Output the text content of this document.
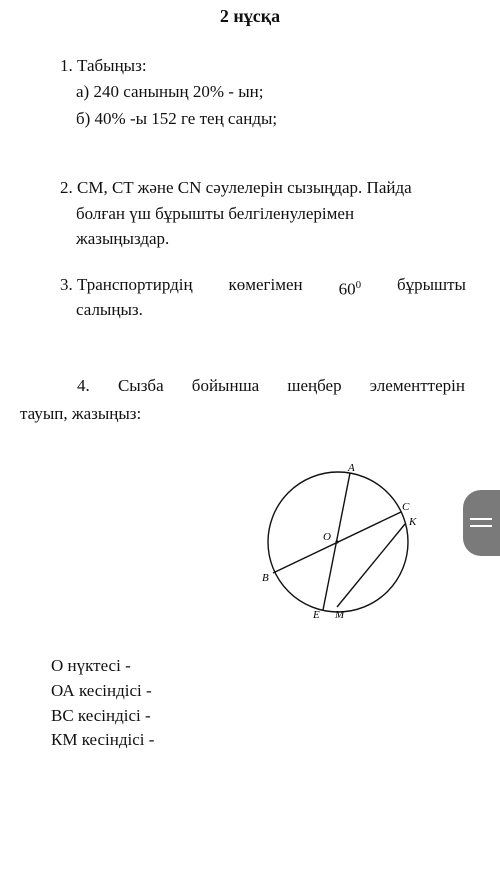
2 нұсқа
1. Табыңыз:
а) 240 санының 20% - ын;
б) 40% -ы 152 ге тең санды;
2. CM, CT және CN сәулелерін сызыңдар. Пайда
болған үш бұрышты белгіленулерімен
жазыңыздар.
3. Транспортирдің көмегімен $60^0$ бұрышты
салыңыз.
4. Сызба бойынша шеңбер элементтерін
тауып, жазыңыз:
A
C
K
O
B
E M
О нүктесі -
ОА кесіндісі -
ВС кесіндісі -
КМ кесіндісі -
